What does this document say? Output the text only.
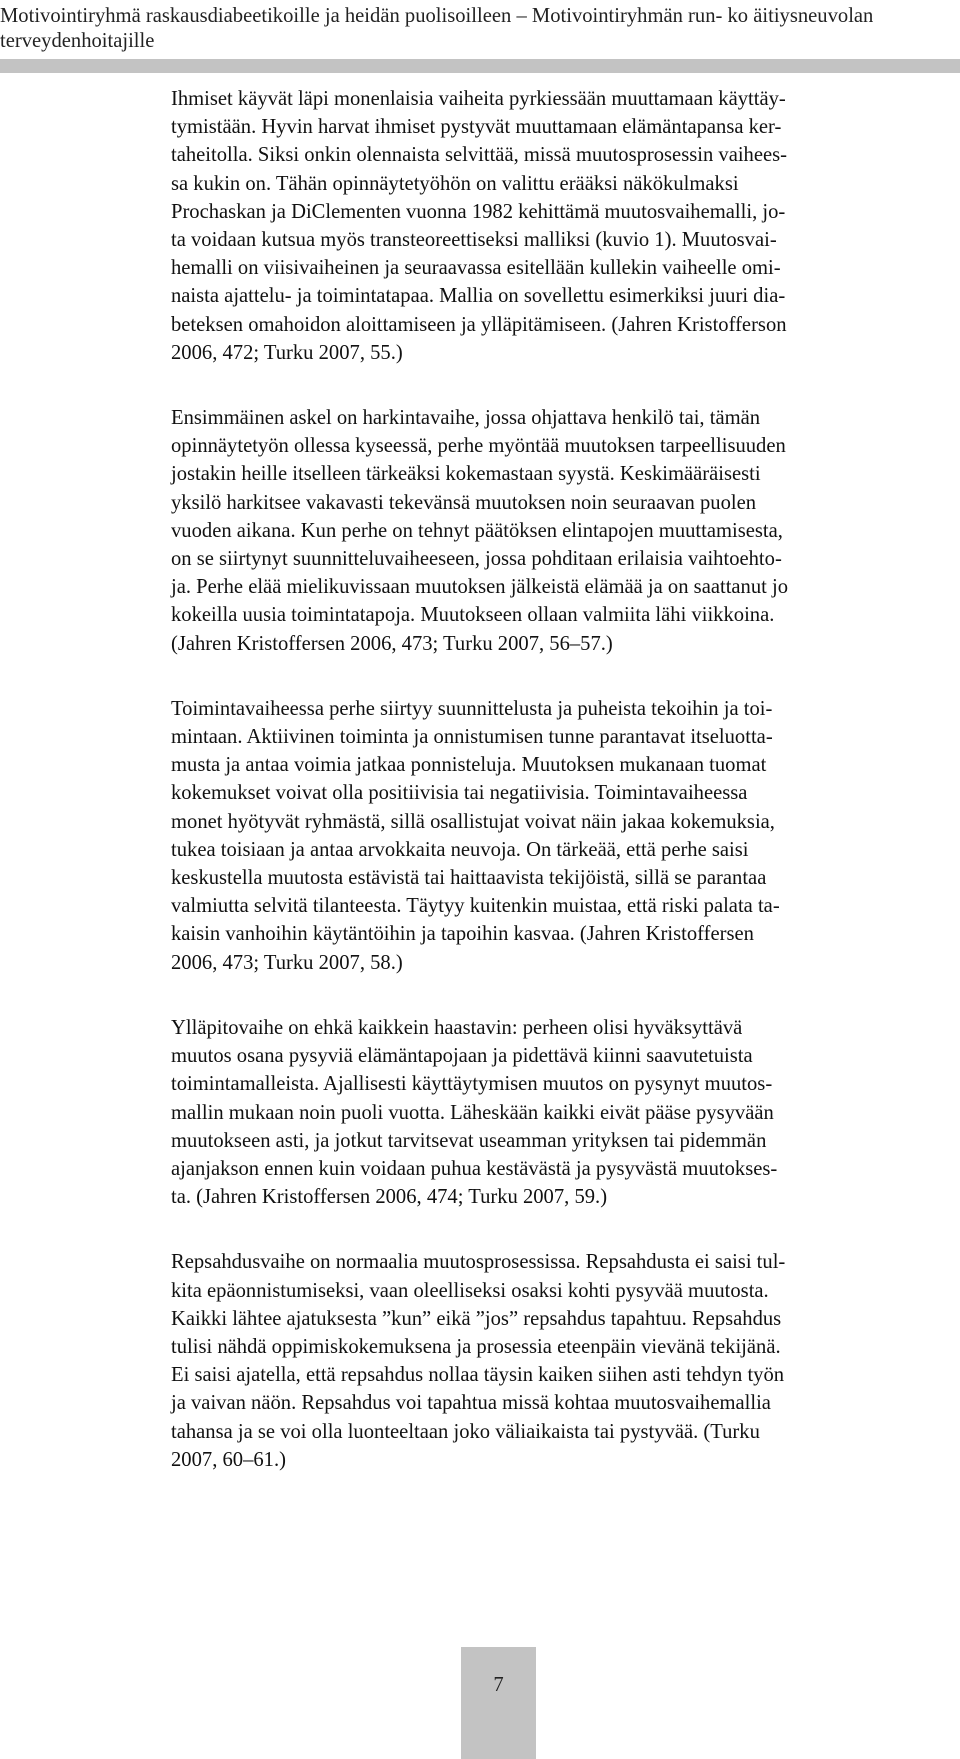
Motivointiryhmä raskausdiabeetikoille ja heidän puolisoilleen – Motivointiryhmän run- ko äitiysneuvolan terveydenhoitajille

Ihmiset käyvät läpi monenlaisia vaiheita pyrkiessään muuttamaan käyttäy-
tymistään. Hyvin harvat ihmiset pystyvät muuttamaan elämäntapansa ker-
taheitolla. Siksi onkin olennaista selvittää, missä muutosprosessin vaihees-
sa kukin on. Tähän opinnäytetyöhön on valittu erääksi näkökulmaksi
Prochaskan ja DiClementen vuonna 1982 kehittämä muutosvaihemalli, jo-
ta voidaan kutsua myös transteoreettiseksi malliksi (kuvio 1). Muutosvai-
hemalli on viisivaiheinen ja seuraavassa esitellään kullekin vaiheelle omi-
naista ajattelu- ja toimintatapaa. Mallia on sovellettu esimerkiksi juuri dia-
beteksen omahoidon aloittamiseen ja ylläpitämiseen. (Jahren Kristofferson
2006, 472; Turku 2007, 55.)

Ensimmäinen askel on harkintavaihe, jossa ohjattava henkilö tai, tämän
opinnäytetyön ollessa kyseessä, perhe myöntää muutoksen tarpeellisuuden
jostakin heille itselleen tärkeäksi kokemastaan syystä. Keskimääräisesti
yksilö harkitsee vakavasti tekevänsä muutoksen noin seuraavan puolen
vuoden aikana. Kun perhe on tehnyt päätöksen elintapojen muuttamisesta,
on se siirtynyt suunnitteluvaiheeseen, jossa pohditaan erilaisia vaihtoehto-
ja. Perhe elää mielikuvissaan muutoksen jälkeistä elämää ja on saattanut jo
kokeilla uusia toimintatapoja. Muutokseen ollaan valmiita lähi viikkoina.
(Jahren Kristoffersen 2006, 473; Turku 2007, 56–57.)

Toimintavaiheessa perhe siirtyy suunnittelusta ja puheista tekoihin ja toi-
mintaan. Aktiivinen toiminta ja onnistumisen tunne parantavat itseluotta-
musta ja antaa voimia jatkaa ponnisteluja. Muutoksen mukanaan tuomat
kokemukset voivat olla positiivisia tai negatiivisia. Toimintavaiheessa
monet hyötyvät ryhmästä, sillä osallistujat voivat näin jakaa kokemuksia,
tukea toisiaan ja antaa arvokkaita neuvoja. On tärkeää, että perhe saisi
keskustella muutosta estävistä tai haittaavista tekijöistä, sillä se parantaa
valmiutta selvitä tilanteesta. Täytyy kuitenkin muistaa, että riski palata ta-
kaisin vanhoihin käytäntöihin ja tapoihin kasvaa. (Jahren Kristoffersen
2006, 473; Turku 2007, 58.)

Ylläpitovaihe on ehkä kaikkein haastavin: perheen olisi hyväksyttävä
muutos osana pysyviä elämäntapojaan ja pidettävä kiinni saavutetuista
toimintamalleista. Ajallisesti käyttäytymisen muutos on pysynyt muutos-
mallin mukaan noin puoli vuotta. Läheskään kaikki eivät pääse pysyvään
muutokseen asti, ja jotkut tarvitsevat useamman yrityksen tai pidemmän
ajanjakson ennen kuin voidaan puhua kestävästä ja pysyvästä muutokses-
ta. (Jahren Kristoffersen 2006, 474; Turku 2007, 59.)

Repsahdusvaihe on normaalia muutosprosessissa. Repsahdusta ei saisi tul-
kita epäonnistumiseksi, vaan oleelliseksi osaksi kohti pysyvää muutosta.
Kaikki lähtee ajatuksesta ”kun” eikä ”jos” repsahdus tapahtuu. Repsahdus
tulisi nähdä oppimiskokemuksena ja prosessia eteenpäin vievänä tekijänä.
Ei saisi ajatella, että repsahdus nollaa täysin kaiken siihen asti tehdyn työn
ja vaivan näön. Repsahdus voi tapahtua missä kohtaa muutosvaihemallia
tahansa ja se voi olla luonteeltaan joko väliaikaista tai pystyvää. (Turku
2007, 60–61.)

7
